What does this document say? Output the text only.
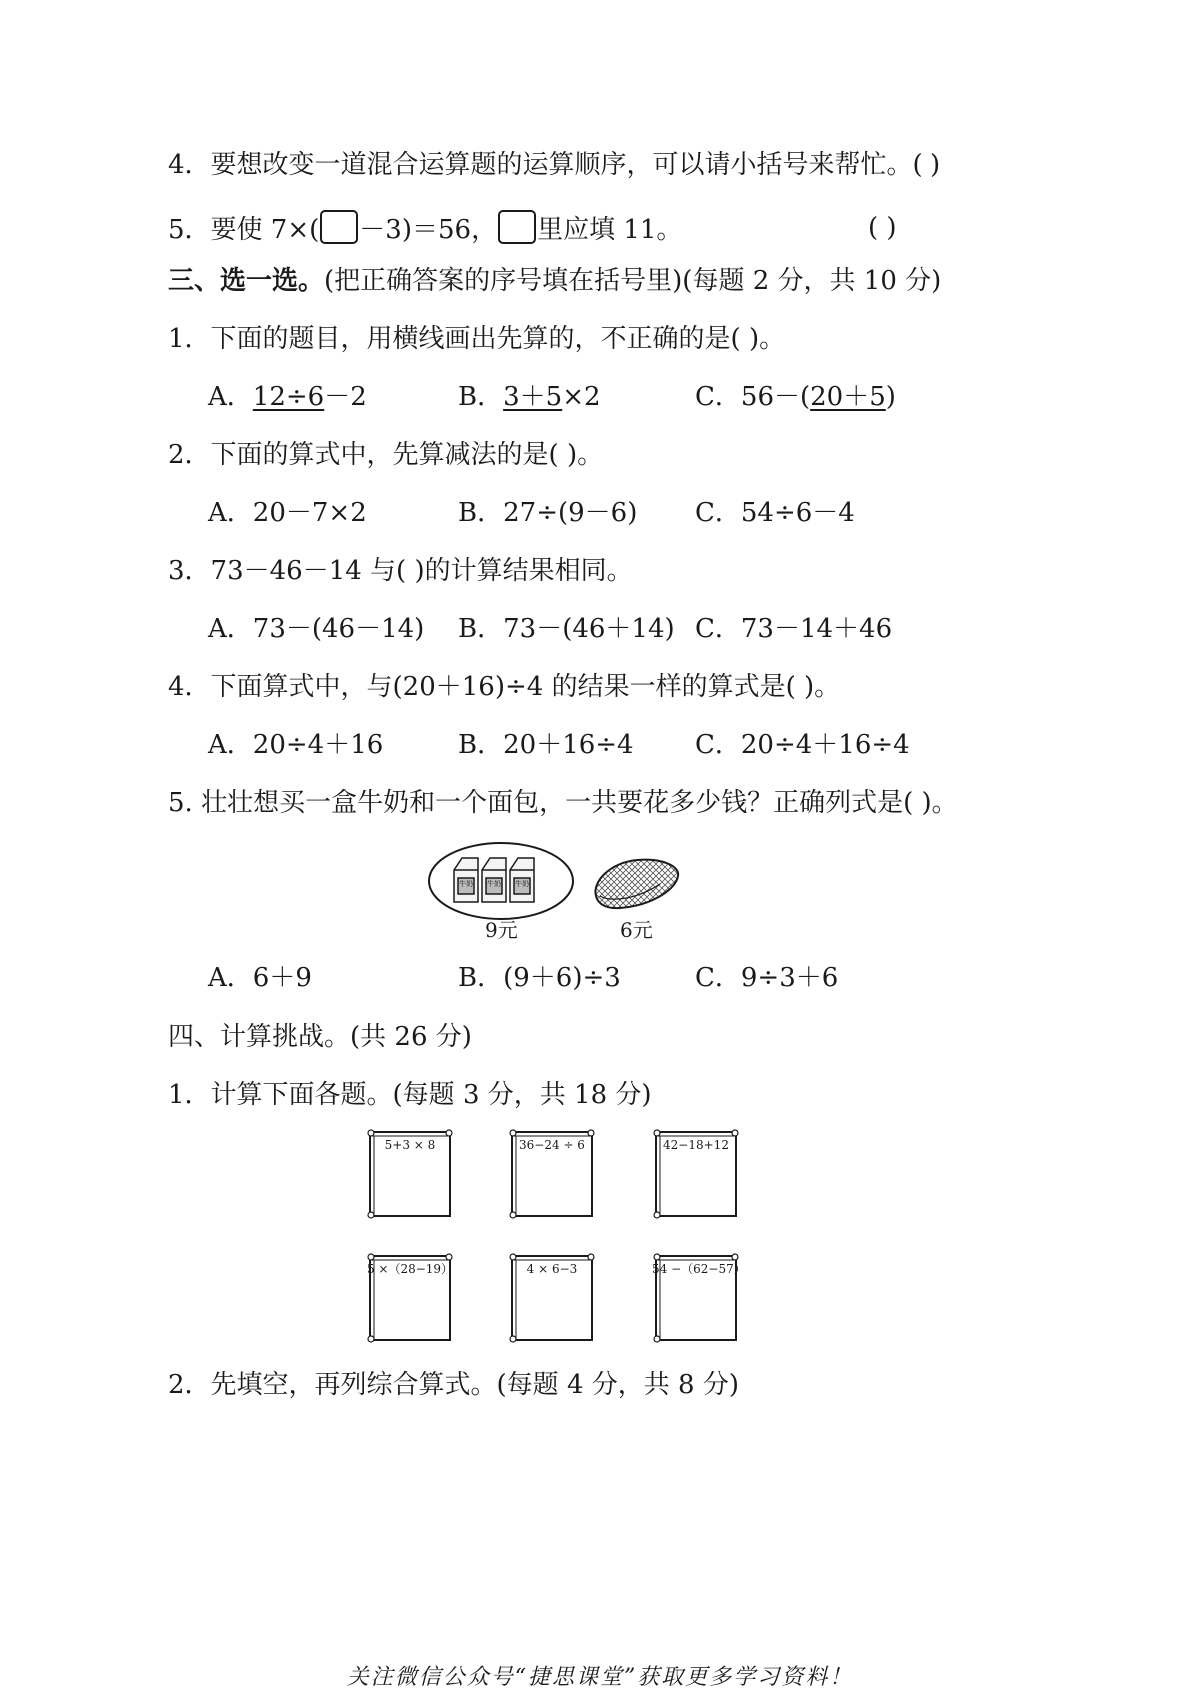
4．要想改变一道混合运算题的运算顺序，可以请小括号来帮忙。( )
5．要使 7×( －3)＝56， 里应填 11。	( )
三、选一选。(把正确答案的序号填在括号里)(每题 2 分，共 10 分)
1．下面的题目，用横线画出先算的，不正确的是( )。
A．12÷6－2	B．3＋5×2	C．56－(20＋5)
2．下面的算式中，先算减法的是( )。
A．20－7×2	B．27÷(9－6) C．54÷6－4
3．73－46－14 与( )的计算结果相同。
A．73－(46－14) B．73－(46＋14) C．73－14＋46
4．下面算式中，与(20＋16)÷4 的结果一样的算式是( )。
A．20÷4＋16	B．20＋16÷4 C．20÷4＋16÷4
5. 壮壮想买一盒牛奶和一个面包，一共要花多少钱？正确列式是( )。
牛奶 牛奶 牛奶
9元	6元
A．6＋9	B．(9＋6)÷3	C．9÷3＋6
四、计算挑战。(共 26 分)
1．计算下面各题。(每题 3 分，共 18 分)
5+3 × 8	36−24 ÷ 6	42−18+12
5 ×（28−19）	4 × 6−3	54 −（62−57）
2．先填空，再列综合算式。(每题 4 分，共 8 分)
关注微信公众号“捷思课堂”获取更多学习资料！
